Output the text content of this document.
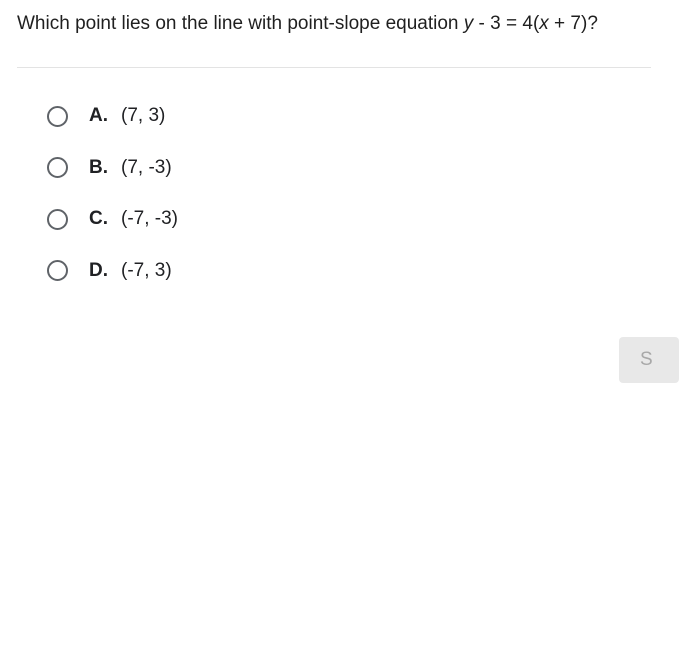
Which point lies on the line with point-slope equation y - 3 = 4(x + 7)?
A. (7, 3)
B. (7, -3)
C. (-7, -3)
D. (-7, 3)
S
